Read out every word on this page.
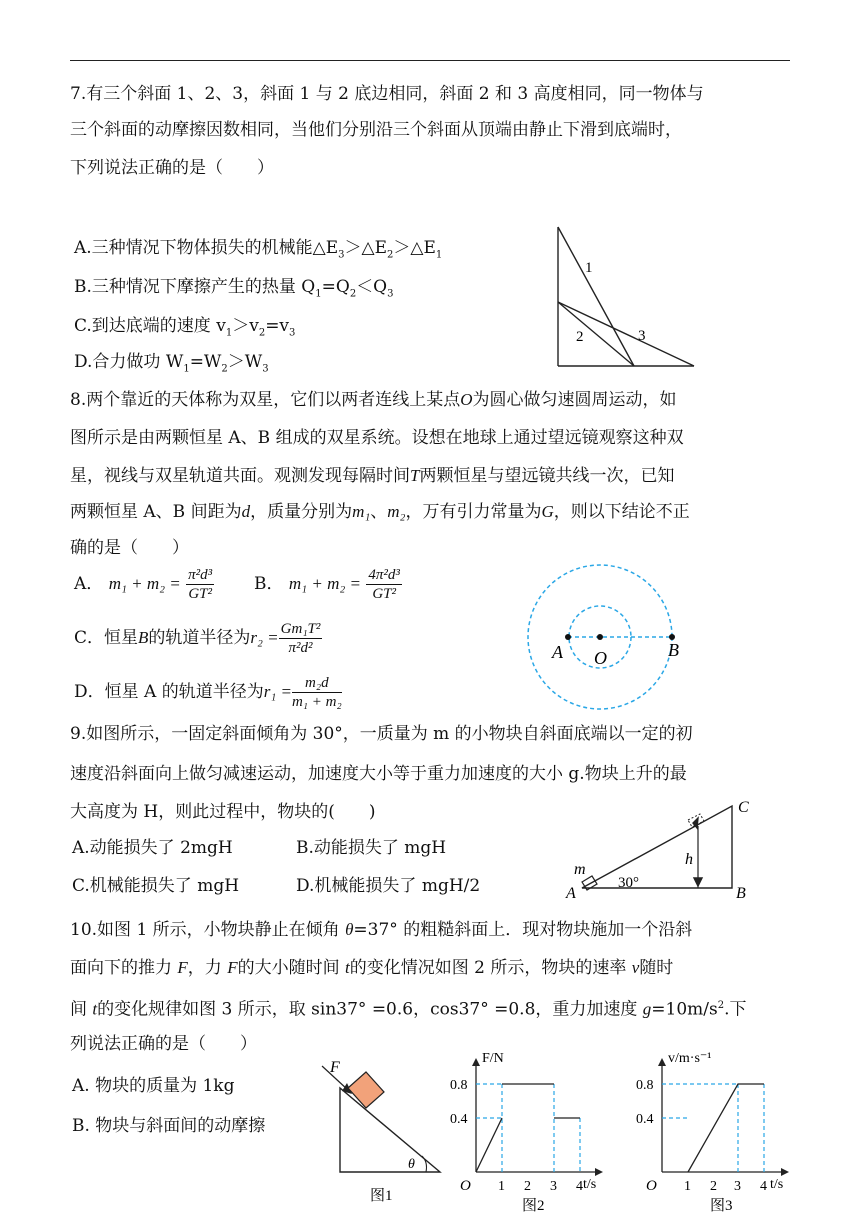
7.有三个斜面 1、2、3，斜面 1 与 2 底边相同，斜面 2 和 3 高度相同，同一物体与
三个斜面的动摩擦因数相同，当他们分别沿三个斜面从顶端由静止下滑到底端时，
下列说法正确的是（　　）
A.三种情况下物体损失的机械能$\triangle E_3>\triangle E_2>\triangle E_1$
B.三种情况下摩擦产生的热量 $Q_1=Q_2<Q_3$
C.到达底端的速度 $v_1>v_2=v_3$
D.合力做功 $W_1=W_2>W_3$
1
2	3
8.两个靠近的天体称为双星，它们以两者连线上某点O为圆心做匀速圆周运动，如
图所示是由两颗恒星 A、B 组成的双星系统。设想在地球上通过望远镜观察这种双
星，视线与双星轨道共面。观测发现每隔时间T两颗恒星与望远镜共线一次，已知
两颗恒星 A、B 间距为d，质量分别为m₁、m₂，万有引力常量为G，则以下结论不正
确的是（　　）
A． $m_1 + m_2 = \frac{\text{π²d³}}{\text{GT²}}$ B． $m_1 + m_2 = \frac{\text{4π²d³}}{\text{GT²}}$
C．恒星B的轨道半径为$r_2 = \frac{\text{Gm₁T²}}{\text{π²d²}}$
D．恒星 A 的轨道半径为$r_1 = \frac{\text{m₂d}}{\text{m₁ + m₂}}$
A O	B
9.如图所示，一固定斜面倾角为 30°，一质量为 m 的小物块自斜面底端以一定的初
速度沿斜面向上做匀减速运动，加速度大小等于重力加速度的大小 g.物块上升的最
大高度为 H，则此过程中，物块的(　　)
A.动能损失了 2mgH	B.动能损失了 mgH
C.机械能损失了 mgH	D.机械能损失了 mgH/2
m
A
30°
h
C
B
10.如图 1 所示，小物块静止在倾角 θ=37° 的粗糙斜面上．现对物块施加一个沿斜
面向下的推力 F，力 F的大小随时间 t的变化情况如图 2 所示，物块的速率 v随时
间 t的变化规律如图 3 所示，取 sin37° =0.6，cos37° =0.8，重力加速度 $g=10m/s^2$.下
列说法正确的是（　　）
A. 物块的质量为 1kg
B. 物块与斜面间的动摩擦
F
θ
图1
F/N
t/s
O
0.8
0.4
1 2 3 4
图2
v/m·s⁻¹
t/s
O
0.8
0.4
1 2 3 4
图3
